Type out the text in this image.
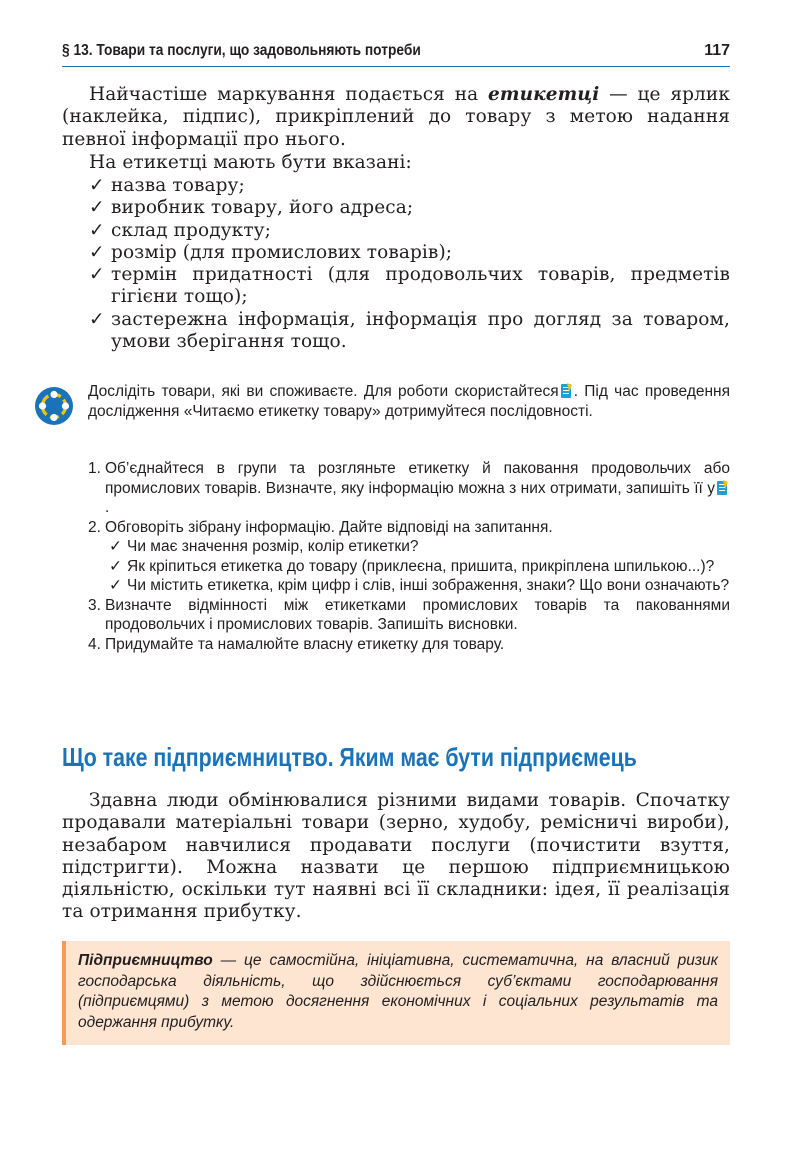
§ 13. Товари та послуги, що задовольняють потреби	117
Найчастіше маркування подається на етикетці — це ярлик (наклейка, підпис), прикріплений до товару з метою надання певної інформації про нього.
На етикетці мають бути вказані:
✓ назва товару;
✓ виробник товару, його адреса;
✓ склад продукту;
✓ розмір (для промислових товарів);
✓ термін придатності (для продовольчих товарів, предметів гігієни тощо);
✓ застережна інформація, інформація про догляд за товаром, умови зберігання тощо.
Дослідіть товари, які ви споживаєте. Для роботи скористайтеся . Під час проведення дослідження «Читаємо етикетку товару» дотримуйтеся послідовності.
1. Об’єднайтеся в групи та розгляньте етикетку й паковання продовольчих або промислових товарів. Визначте, яку інформацію можна з них отримати, запишіть її у.
2. Обговоріть зібрану інформацію. Дайте відповіді на запитання.
✓ Чи має значення розмір, колір етикетки?
✓ Як кріпиться етикетка до товару (приклеєна, пришита, прикріплена шпилькою...)?
✓ Чи містить етикетка, крім цифр і слів, інші зображення, знаки? Що вони означають?
3. Визначте відмінності між етикетками промислових товарів та пакованнями продовольчих і промислових товарів. Запишіть висновки.
4. Придумайте та намалюйте власну етикетку для товару.
Що таке підприємництво. Яким має бути підприємець
Здавна люди обмінювалися різними видами товарів. Спочатку продавали матеріальні товари (зерно, худобу, ремісничі вироби), незабаром навчилися продавати послуги (почистити взуття, підстригти). Можна назвати це першою підприємницькою діяльністю, оскільки тут наявні всі її складники: ідея, її реалізація та отримання прибутку.
Підприємництво — це самостійна, ініціативна, систематична, на власний ризик господарська діяльність, що здійснюється суб’єктами господарювання (підприємцями) з метою досягнення економічних і соціальних результатів та одержання прибутку.
